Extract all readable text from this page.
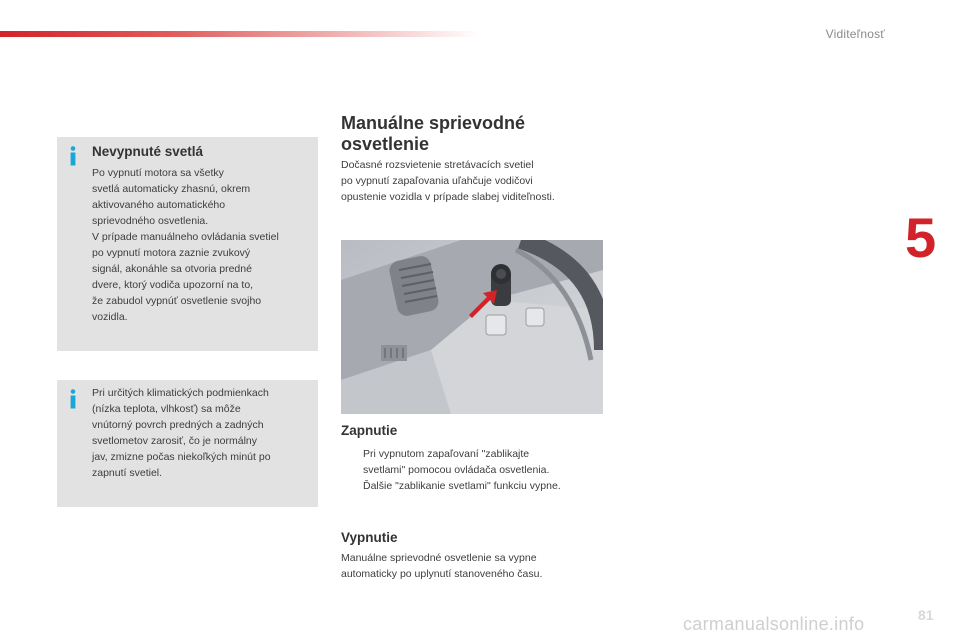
Viditeľnosť
5
81
Nevypnuté svetlá

Po vypnutí motora sa všetky

svetlá automaticky zhasnú, okrem

aktivovaného automatického

sprievodného osvetlenia.

V prípade manuálneho ovládania svetiel

po vypnutí motora zaznie zvukový

signál, akonáhle sa otvoria predné

dvere, ktorý vodiča upozorní na to,

že zabudol vypnúť osvetlenie svojho

vozidla.

Pri určitých klimatických podmienkach

(nízka teplota, vlhkosť) sa môže

vnútorný povrch predných a zadných

svetlometov zarosiť, čo je normálny

jav, zmizne počas niekoľkých minút po

zapnutí svetiel.

Manuálne sprievodné
osvetlenie
Dočasné rozsvietenie stretávacích svetiel
po vypnutí zapaľovania uľahčuje vodičovi
opustenie vozidla v prípade slabej viditeľnosti.
Zapnutie
Pri vypnutom zapaľovaní "zablikajte
svetlami" pomocou ovládača osvetlenia.
Ďalšie "zablikanie svetlami" funkciu vypne.
Vypnutie
Manuálne sprievodné osvetlenie sa vypne
automaticky po uplynutí stanoveného času.
carmanualsonline.info
